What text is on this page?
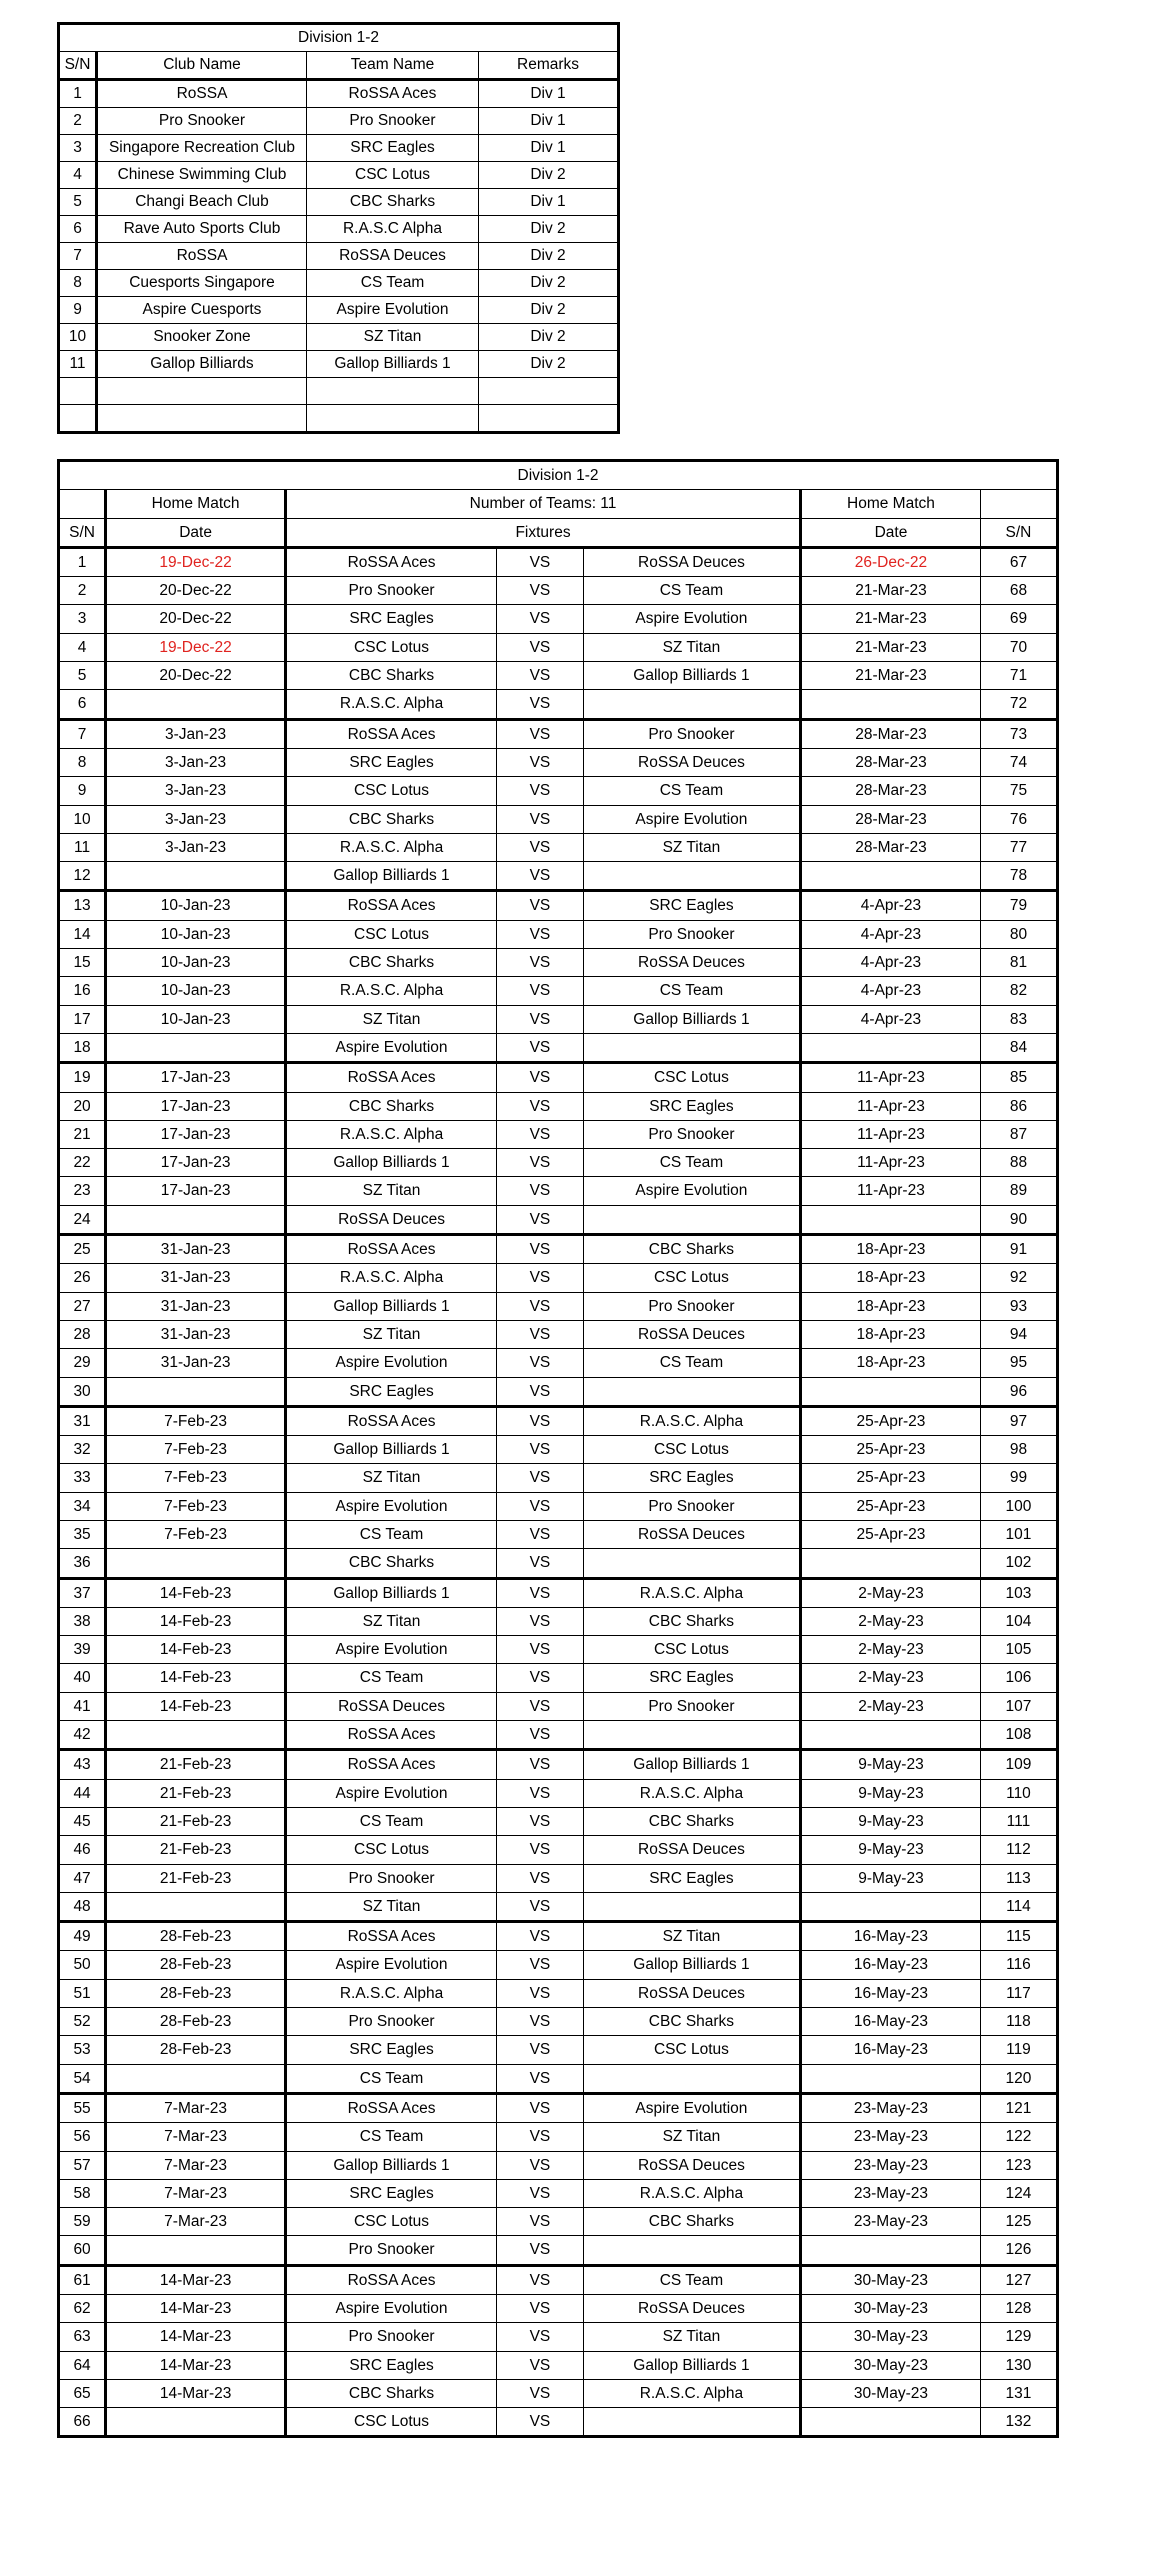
Division 1-2			
S/N	Club Name	Team Name	Remarks
1	RoSSA	RoSSA Aces	Div 1
2	Pro Snooker	Pro Snooker	Div 1
3	Singapore Recreation Club	SRC Eagles	Div 1
4	Chinese Swimming Club	CSC Lotus	Div 2
5	Changi Beach Club	CBC Sharks	Div 1
6	Rave Auto Sports Club	R.A.S.C Alpha	Div 2
7	RoSSA	RoSSA Deuces	Div 2
8	Cuesports Singapore	CS Team	Div 2
9	Aspire Cuesports	Aspire Evolution	Div 2
10	Snooker Zone	SZ Titan	Div 2
11	Gallop Billiards	Gallop Billiards 1	Div 2

Division 1-2						
	Home Match	Number of Teams: 11			Home Match	
S/N	Date	Fixtures			Date	S/N
1	19-Dec-22	RoSSA Aces	VS	RoSSA Deuces	26-Dec-22	67
2	20-Dec-22	Pro Snooker	VS	CS Team	21-Mar-23	68
3	20-Dec-22	SRC Eagles	VS	Aspire Evolution	21-Mar-23	69
4	19-Dec-22	CSC Lotus	VS	SZ Titan	21-Mar-23	70
5	20-Dec-22	CBC Sharks	VS	Gallop Billiards 1	21-Mar-23	71
6		R.A.S.C. Alpha	VS			72
7	3-Jan-23	RoSSA Aces	VS	Pro Snooker	28-Mar-23	73
8	3-Jan-23	SRC Eagles	VS	RoSSA Deuces	28-Mar-23	74
9	3-Jan-23	CSC Lotus	VS	CS Team	28-Mar-23	75
10	3-Jan-23	CBC Sharks	VS	Aspire Evolution	28-Mar-23	76
11	3-Jan-23	R.A.S.C. Alpha	VS	SZ Titan	28-Mar-23	77
12		Gallop Billiards 1	VS			78
13	10-Jan-23	RoSSA Aces	VS	SRC Eagles	4-Apr-23	79
14	10-Jan-23	CSC Lotus	VS	Pro Snooker	4-Apr-23	80
15	10-Jan-23	CBC Sharks	VS	RoSSA Deuces	4-Apr-23	81
16	10-Jan-23	R.A.S.C. Alpha	VS	CS Team	4-Apr-23	82
17	10-Jan-23	SZ Titan	VS	Gallop Billiards 1	4-Apr-23	83
18		Aspire Evolution	VS			84
19	17-Jan-23	RoSSA Aces	VS	CSC Lotus	11-Apr-23	85
20	17-Jan-23	CBC Sharks	VS	SRC Eagles	11-Apr-23	86
21	17-Jan-23	R.A.S.C. Alpha	VS	Pro Snooker	11-Apr-23	87
22	17-Jan-23	Gallop Billiards 1	VS	CS Team	11-Apr-23	88
23	17-Jan-23	SZ Titan	VS	Aspire Evolution	11-Apr-23	89
24		RoSSA Deuces	VS			90
25	31-Jan-23	RoSSA Aces	VS	CBC Sharks	18-Apr-23	91
26	31-Jan-23	R.A.S.C. Alpha	VS	CSC Lotus	18-Apr-23	92
27	31-Jan-23	Gallop Billiards 1	VS	Pro Snooker	18-Apr-23	93
28	31-Jan-23	SZ Titan	VS	RoSSA Deuces	18-Apr-23	94
29	31-Jan-23	Aspire Evolution	VS	CS Team	18-Apr-23	95
30		SRC Eagles	VS			96
31	7-Feb-23	RoSSA Aces	VS	R.A.S.C. Alpha	25-Apr-23	97
32	7-Feb-23	Gallop Billiards 1	VS	CSC Lotus	25-Apr-23	98
33	7-Feb-23	SZ Titan	VS	SRC Eagles	25-Apr-23	99
34	7-Feb-23	Aspire Evolution	VS	Pro Snooker	25-Apr-23	100
35	7-Feb-23	CS Team	VS	RoSSA Deuces	25-Apr-23	101
36		CBC Sharks	VS			102
37	14-Feb-23	Gallop Billiards 1	VS	R.A.S.C. Alpha	2-May-23	103
38	14-Feb-23	SZ Titan	VS	CBC Sharks	2-May-23	104
39	14-Feb-23	Aspire Evolution	VS	CSC Lotus	2-May-23	105
40	14-Feb-23	CS Team	VS	SRC Eagles	2-May-23	106
41	14-Feb-23	RoSSA Deuces	VS	Pro Snooker	2-May-23	107
42		RoSSA Aces	VS			108
43	21-Feb-23	RoSSA Aces	VS	Gallop Billiards 1	9-May-23	109
44	21-Feb-23	Aspire Evolution	VS	R.A.S.C. Alpha	9-May-23	110
45	21-Feb-23	CS Team	VS	CBC Sharks	9-May-23	111
46	21-Feb-23	CSC Lotus	VS	RoSSA Deuces	9-May-23	112
47	21-Feb-23	Pro Snooker	VS	SRC Eagles	9-May-23	113
48		SZ Titan	VS			114
49	28-Feb-23	RoSSA Aces	VS	SZ Titan	16-May-23	115
50	28-Feb-23	Aspire Evolution	VS	Gallop Billiards 1	16-May-23	116
51	28-Feb-23	R.A.S.C. Alpha	VS	RoSSA Deuces	16-May-23	117
52	28-Feb-23	Pro Snooker	VS	CBC Sharks	16-May-23	118
53	28-Feb-23	SRC Eagles	VS	CSC Lotus	16-May-23	119
54		CS Team	VS			120
55	7-Mar-23	RoSSA Aces	VS	Aspire Evolution	23-May-23	121
56	7-Mar-23	CS Team	VS	SZ Titan	23-May-23	122
57	7-Mar-23	Gallop Billiards 1	VS	RoSSA Deuces	23-May-23	123
58	7-Mar-23	SRC Eagles	VS	R.A.S.C. Alpha	23-May-23	124
59	7-Mar-23	CSC Lotus	VS	CBC Sharks	23-May-23	125
60		Pro Snooker	VS			126
61	14-Mar-23	RoSSA Aces	VS	CS Team	30-May-23	127
62	14-Mar-23	Aspire Evolution	VS	RoSSA Deuces	30-May-23	128
63	14-Mar-23	Pro Snooker	VS	SZ Titan	30-May-23	129
64	14-Mar-23	SRC Eagles	VS	Gallop Billiards 1	30-May-23	130
65	14-Mar-23	CBC Sharks	VS	R.A.S.C. Alpha	30-May-23	131
66		CSC Lotus	VS			132
